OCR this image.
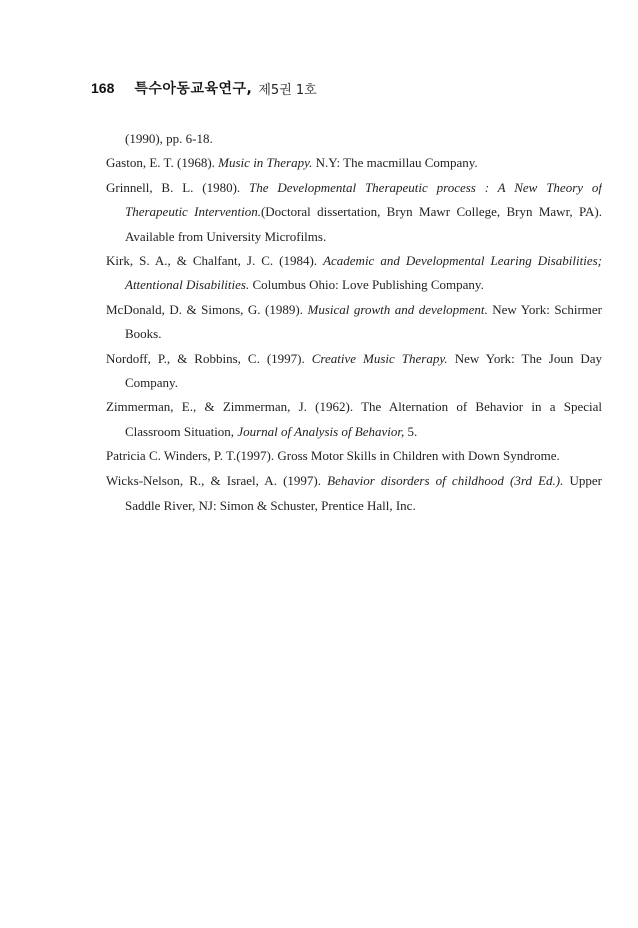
168 특수아동교육연구, 제5권 1호
(1990), pp. 6-18.
Gaston, E. T. (1968). Music in Therapy. N.Y: The macmillau Company.
Grinnell, B. L. (1980). The Developmental Therapeutic process : A New Theory of
Therapeutic Intervention.(Doctoral dissertation, Bryn Mawr College, Bryn Mawr, PA).
Available from University Microfilms.
Kirk, S. A., & Chalfant, J. C. (1984). Academic and Developmental Learing Disabilities;
Attentional Disabilities. Columbus Ohio: Love Publishing Company.
McDonald, D. & Simons, G. (1989). Musical growth and development. New York: Schirmer
Books.
Nordoff, P., & Robbins, C. (1997). Creative Music Therapy. New York: The Joun Day
Company.
Zimmerman, E., & Zimmerman, J. (1962). The Alternation of Behavior in a Special
Classroom Situation, Journal of Analysis of Behavior, 5.
Patricia C. Winders, P. T.(1997). Gross Motor Skills in Children with Down Syndrome.
Wicks-Nelson, R., & Israel, A. (1997). Behavior disorders of childhood (3rd Ed.). Upper
Saddle River, NJ: Simon & Schuster, Prentice Hall, Inc.
